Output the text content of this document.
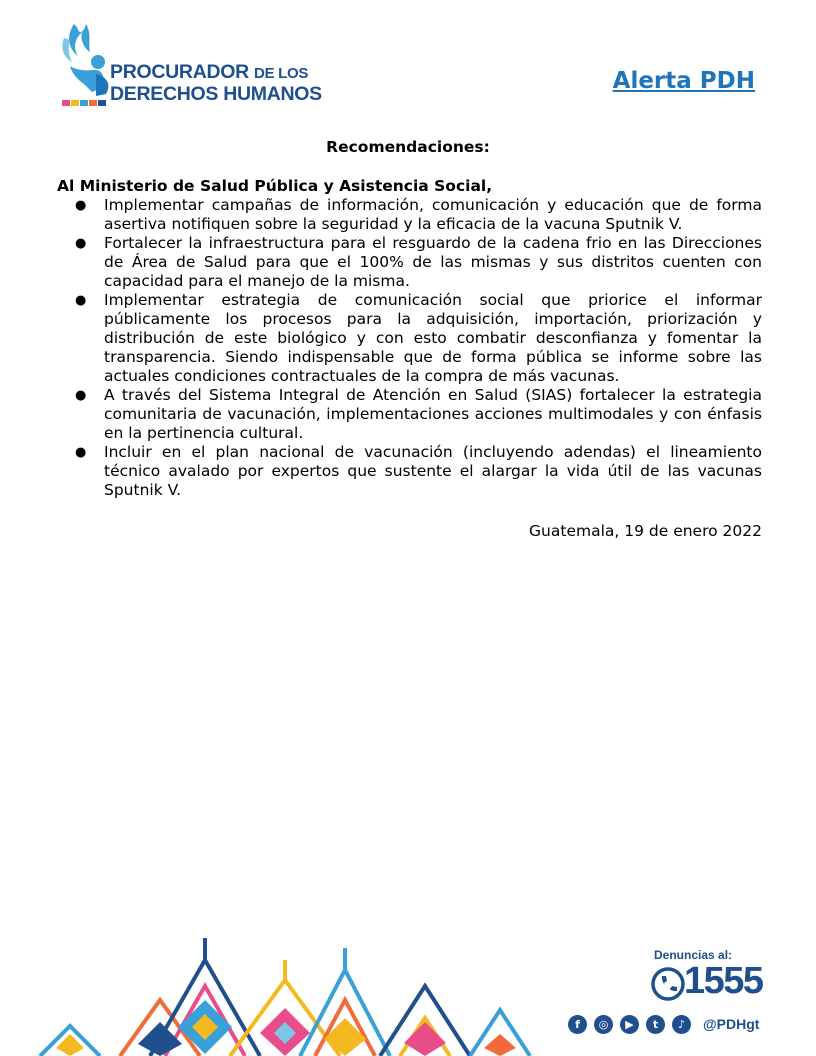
PROCURADOR DE LOS
DERECHOS HUMANOS	Alerta PDH
Recomendaciones:
Al Ministerio de Salud Pública y Asistencia Social,
● Implementar campañas de información, comunicación y educación que de forma asertiva notifiquen sobre la seguridad y la eficacia de la vacuna Sputnik V.
● Fortalecer la infraestructura para el resguardo de la cadena frio en las Direcciones de Área de Salud para que el 100% de las mismas y sus distritos cuenten con capacidad para el manejo de la misma.
● Implementar estrategia de comunicación social que priorice el informar públicamente los procesos para la adquisición, importación, priorización y distribución de este biológico y con esto combatir desconfianza y fomentar la transparencia. Siendo indispensable que de forma pública se informe sobre las actuales condiciones contractuales de la compra de más vacunas.
● A través del Sistema Integral de Atención en Salud (SIAS) fortalecer la estrategia comunitaria de vacunación, implementaciones acciones multimodales y con énfasis en la pertinencia cultural.
● Incluir en el plan nacional de vacunación (incluyendo adendas) el lineamiento técnico avalado por expertos que sustente el alargar la vida útil de las vacunas Sputnik V.
Guatemala, 19 de enero 2022
Denuncias al:
1555
f	◎	▶	t	♪	@PDHgt
